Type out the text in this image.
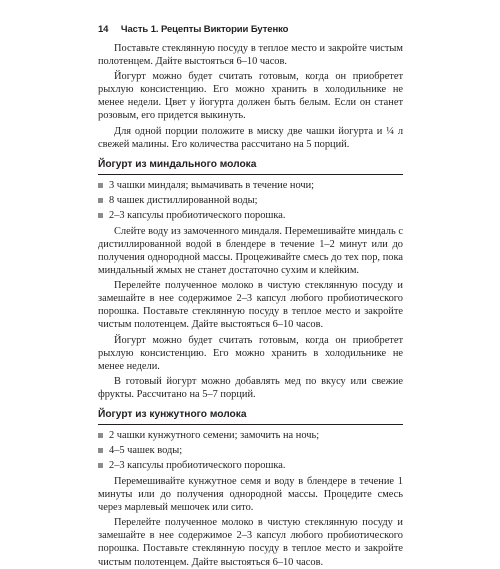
14 Часть 1. Рецепты Виктории Бутенко

Поставьте стеклянную посуду в теплое место и закройте чистым полотенцем. Дайте выстояться 6–10 часов.

Йогурт можно будет считать готовым, когда он приобретет рыхлую консистенцию. Его можно хранить в холодильнике не менее недели. Цвет у йогурта должен быть белым. Если он станет розовым, его придется выкинуть.

Для одной порции положите в миску две чашки йогурта и ¼ л свежей малины. Его количества рассчитано на 5 порций.

Йогурт из миндального молока
3 чашки миндаля; вымачивать в течение ночи;
8 чашек дистиллированной воды;
2–3 капсулы пробиотического порошка.

Слейте воду из замоченного миндаля. Перемешивайте миндаль с дистиллированной водой в блендере в течение 1–2 минут или до получения однородной массы. Процеживайте смесь до тех пор, пока миндальный жмых не станет достаточно сухим и клейким.

Перелейте полученное молоко в чистую стеклянную посуду и замешайте в нее содержимое 2–3 капсул любого пробиотического порошка. Поставьте стеклянную посуду в теплое место и закройте чистым полотенцем. Дайте выстояться 6–10 часов.

Йогурт можно будет считать готовым, когда он приобретет рыхлую консистенцию. Его можно хранить в холодильнике не менее недели.

В готовый йогурт можно добавлять мед по вкусу или свежие фрукты. Рассчитано на 5–7 порций.

Йогурт из кунжутного молока
2 чашки кунжутного семени; замочить на ночь;
4–5 чашек воды;
2–3 капсулы пробиотического порошка.

Перемешивайте кунжутное семя и воду в блендере в течение 1 минуты или до получения однородной массы. Процедите смесь через марлевый мешочек или сито.

Перелейте полученное молоко в чистую стеклянную посуду и замешайте в нее содержимое 2–3 капсул любого пробиотического порошка. Поставьте стеклянную посуду в теплое место и закройте чистым полотенцем. Дайте выстояться 6–10 часов.
